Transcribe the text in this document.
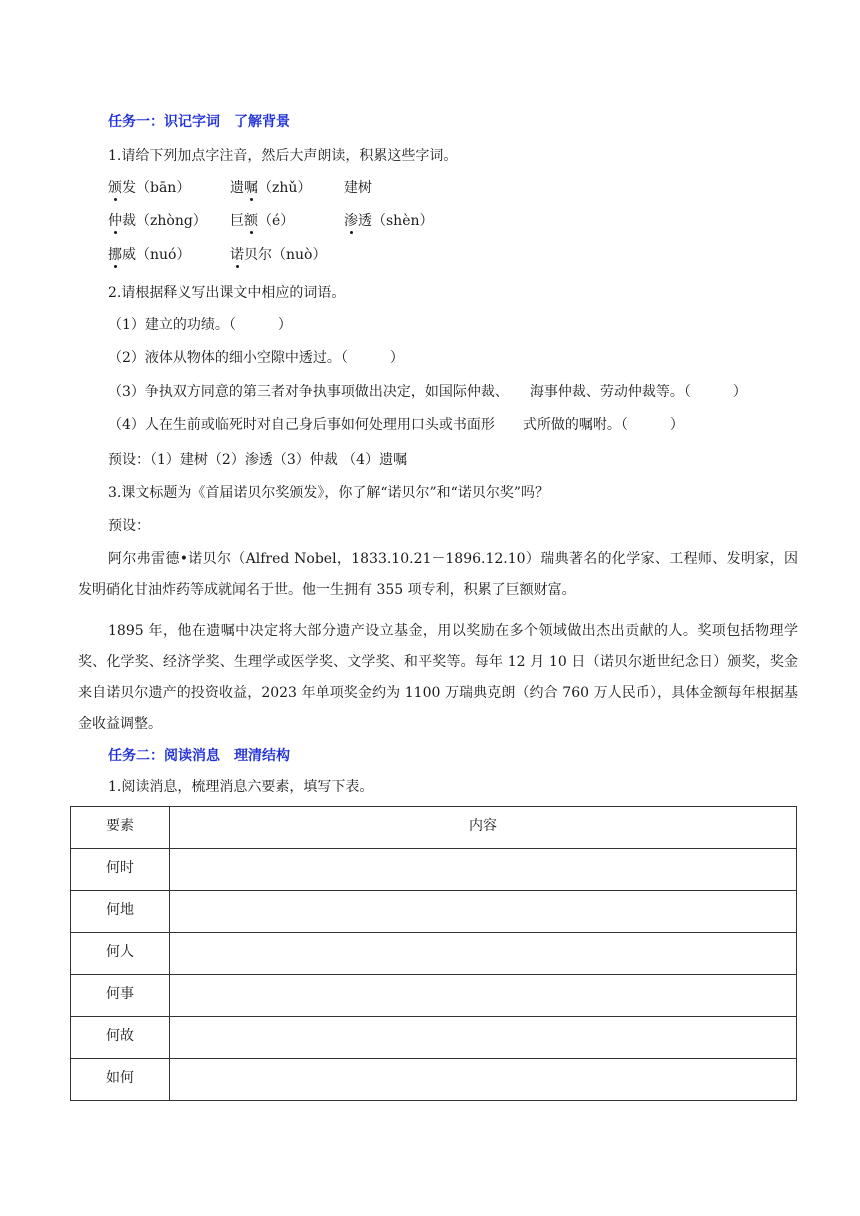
任务一：识记字词　了解背景
1.请给下列加点字注音，然后大声朗读，积累这些字词。
颁发（bān）	遗嘱（zhǔ） 建树
仲裁（zhòng） 巨额（é）	渗透（shèn）
挪威（nuó）	诺贝尔（nuò）
2.请根据释义写出课文中相应的词语。
（1）建立的功绩。（　　　）
（2）液体从物体的细小空隙中透过。（　　　）
（3）争执双方同意的第三者对争执事项做出决定，如国际仲裁、　　海事仲裁、劳动仲裁等。（　　　）
（4）人在生前或临死时对自己身后事如何处理用口头或书面形　　式所做的嘱咐。（　　　）
预设：（1）建树（2）渗透（3）仲裁 （4）遗嘱
3.课文标题为《首届诺贝尔奖颁发》，你了解“诺贝尔”和“诺贝尔奖”吗？
预设：
阿尔弗雷德•诺贝尔（Alfred Nobel，1833.10.21－1896.12.10）瑞典著名的化学家、工程师、发明家，因发明硝化甘油炸药等成就闻名于世。他一生拥有 355 项专利，积累了巨额财富。
1895 年，他在遗嘱中决定将大部分遗产设立基金，用以奖励在多个领域做出杰出贡献的人。奖项包括物理学奖、化学奖、经济学奖、生理学或医学奖、文学奖、和平奖等。每年 12 月 10 日（诺贝尔逝世纪念日）颁奖，奖金来自诺贝尔遗产的投资收益，2023 年单项奖金约为 1100 万瑞典克朗（约合 760 万人民币），具体金额每年根据基金收益调整。
任务二：阅读消息　理清结构
1.阅读消息，梳理消息六要素，填写下表。
要素	内容
何时	
何地	
何人	
何事	
何故	
如何	
